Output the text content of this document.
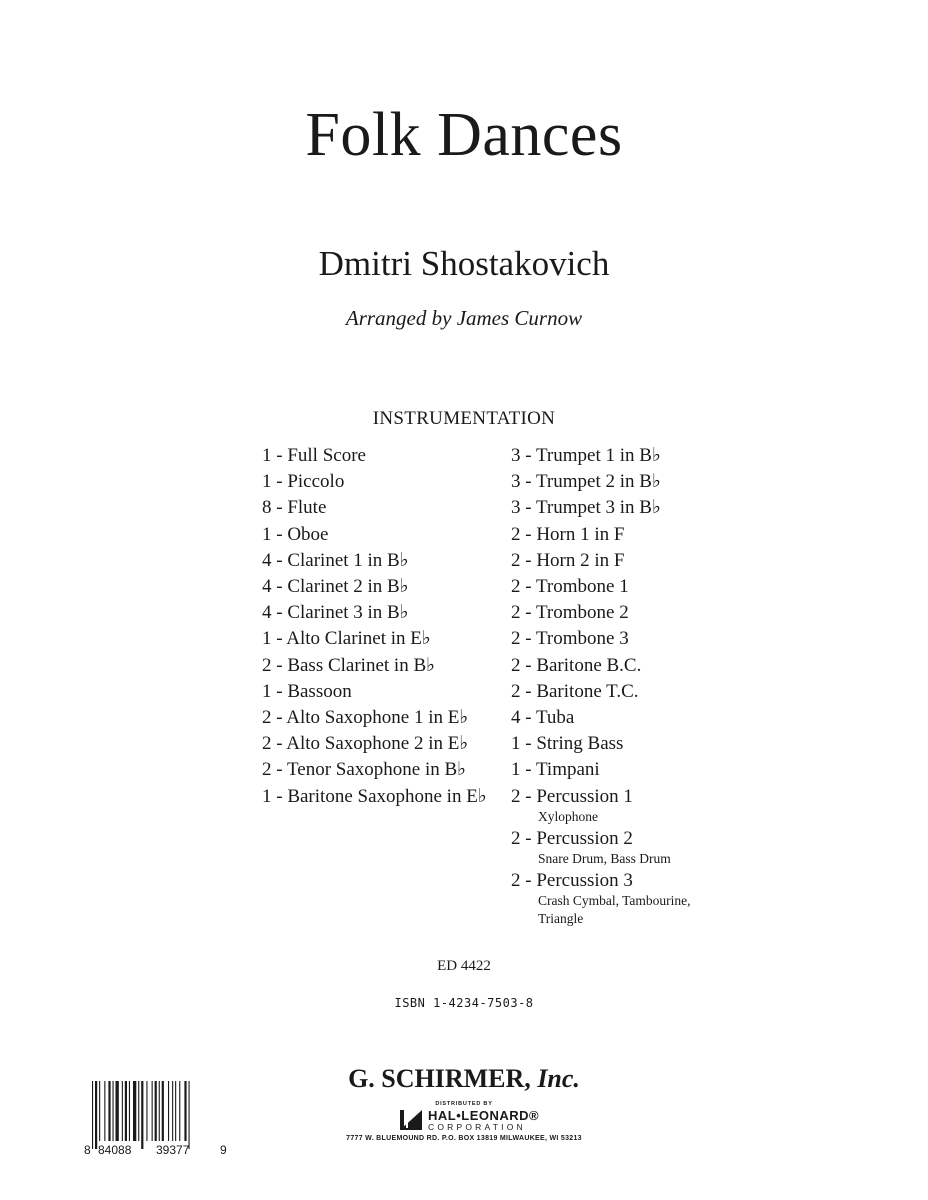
Folk Dances
Dmitri Shostakovich
Arranged by James Curnow
INSTRUMENTATION
1 - Full Score
1 - Piccolo
8 - Flute
1 - Oboe
4 - Clarinet 1 in B♭
4 - Clarinet 2 in B♭
4 - Clarinet 3 in B♭
1 - Alto Clarinet in E♭
2 - Bass Clarinet in B♭
1 - Bassoon
2 - Alto Saxophone 1 in E♭
2 - Alto Saxophone 2 in E♭
2 - Tenor Saxophone in B♭
1 - Baritone Saxophone in E♭
3 - Trumpet 1 in B♭
3 - Trumpet 2 in B♭
3 - Trumpet 3 in B♭
2 - Horn 1 in F
2 - Horn 2 in F
2 - Trombone 1
2 - Trombone 2
2 - Trombone 3
2 - Baritone B.C.
2 - Baritone T.C.
4 - Tuba
1 - String Bass
1 - Timpani
2 - Percussion 1
Xylophone
2 - Percussion 2
Snare Drum, Bass Drum
2 - Percussion 3
Crash Cymbal, Tambourine, Triangle
ED 4422
ISBN 1-4234-7503-8
G. SCHIRMER, Inc.
DISTRIBUTED BY
HAL•LEONARD®
CORPORATION
7777 W. BLUEMOUND RD. P.O. BOX 13819 MILWAUKEE, WI 53213
8 84088 39377	9
